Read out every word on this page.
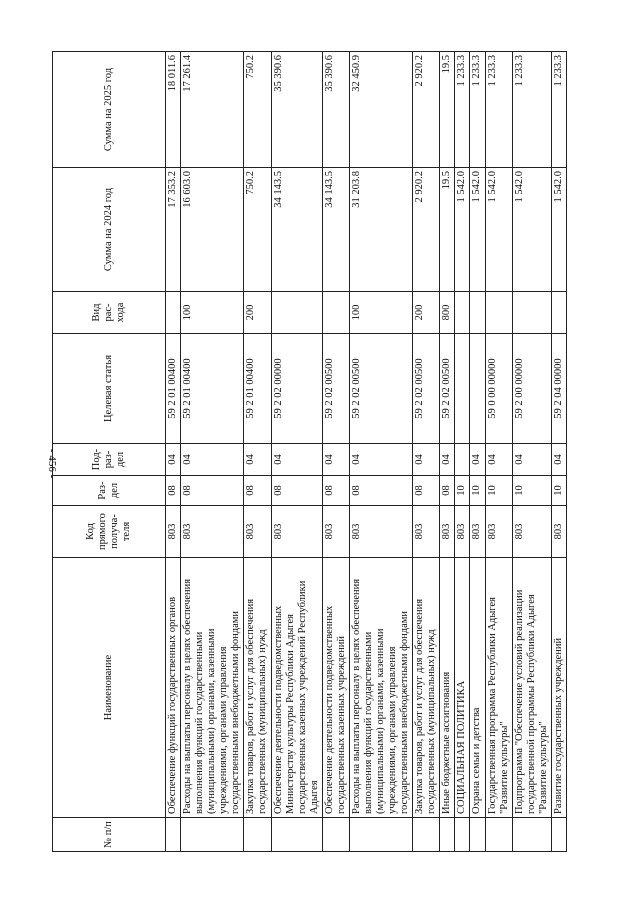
- 456 -
№ п/п	Наименование	Код прямого получа-теля	Раз-дел	Под-раз-дел	Целевая статья	Вид рас-хода	Сумма на 2024 год	Сумма на 2025 год
	Обеспечение функций государственных органов	803	08	04	59 2 01 00400		17 353.2	18 011.6
	Расходы на выплаты персоналу в целях обеспечения выполнения функций государственными (муниципальными) органами, казенными учреждениями, органами управления государственными внебюджетными фондами	803	08	04	59 2 01 00400	100	16 603.0	17 261.4
	Закупка товаров, работ и услуг для обеспечения государственных (муниципальных) нужд	803	08	04	59 2 01 00400	200	750.2	750.2
	Обеспечение деятельности подведомственных Министерству культуры Республики Адыгея государственных казенных учреждений Республики Адыгея	803	08	04	59 2 02 00000		34 143.5	35 390.6
	Обеспечение деятельности подведомственных государственных казенных учреждений	803	08	04	59 2 02 00500		34 143.5	35 390.6
	Расходы на выплаты персоналу в целях обеспечения выполнения функций государственными (муниципальными) органами, казенными учреждениями, органами управления государственными внебюджетными фондами	803	08	04	59 2 02 00500	100	31 203.8	32 450.9
	Закупка товаров, работ и услуг для обеспечения государственных (муниципальных) нужд	803	08	04	59 2 02 00500	200	2 920.2	2 920.2
	Иные бюджетные ассигнования	803	08	04	59 2 02 00500	800	19.5	19.5
	СОЦИАЛЬНАЯ ПОЛИТИКА	803	10				1 542.0	1 233.3
	Охрана семьи и детства	803	10	04			1 542.0	1 233.3
	Государственная программа Республики Адыгея "Развитие культуры"	803	10	04	59 0 00 00000		1 542.0	1 233.3
	Подпрограмма "Обеспечение условий реализации государственной программы Республики Адыгея "Развитие культуры"	803	10	04	59 2 00 00000		1 542.0	1 233.3
	Развитие государственных учреждений	803	10	04	59 2 04 00000		1 542.0	1 233.3
